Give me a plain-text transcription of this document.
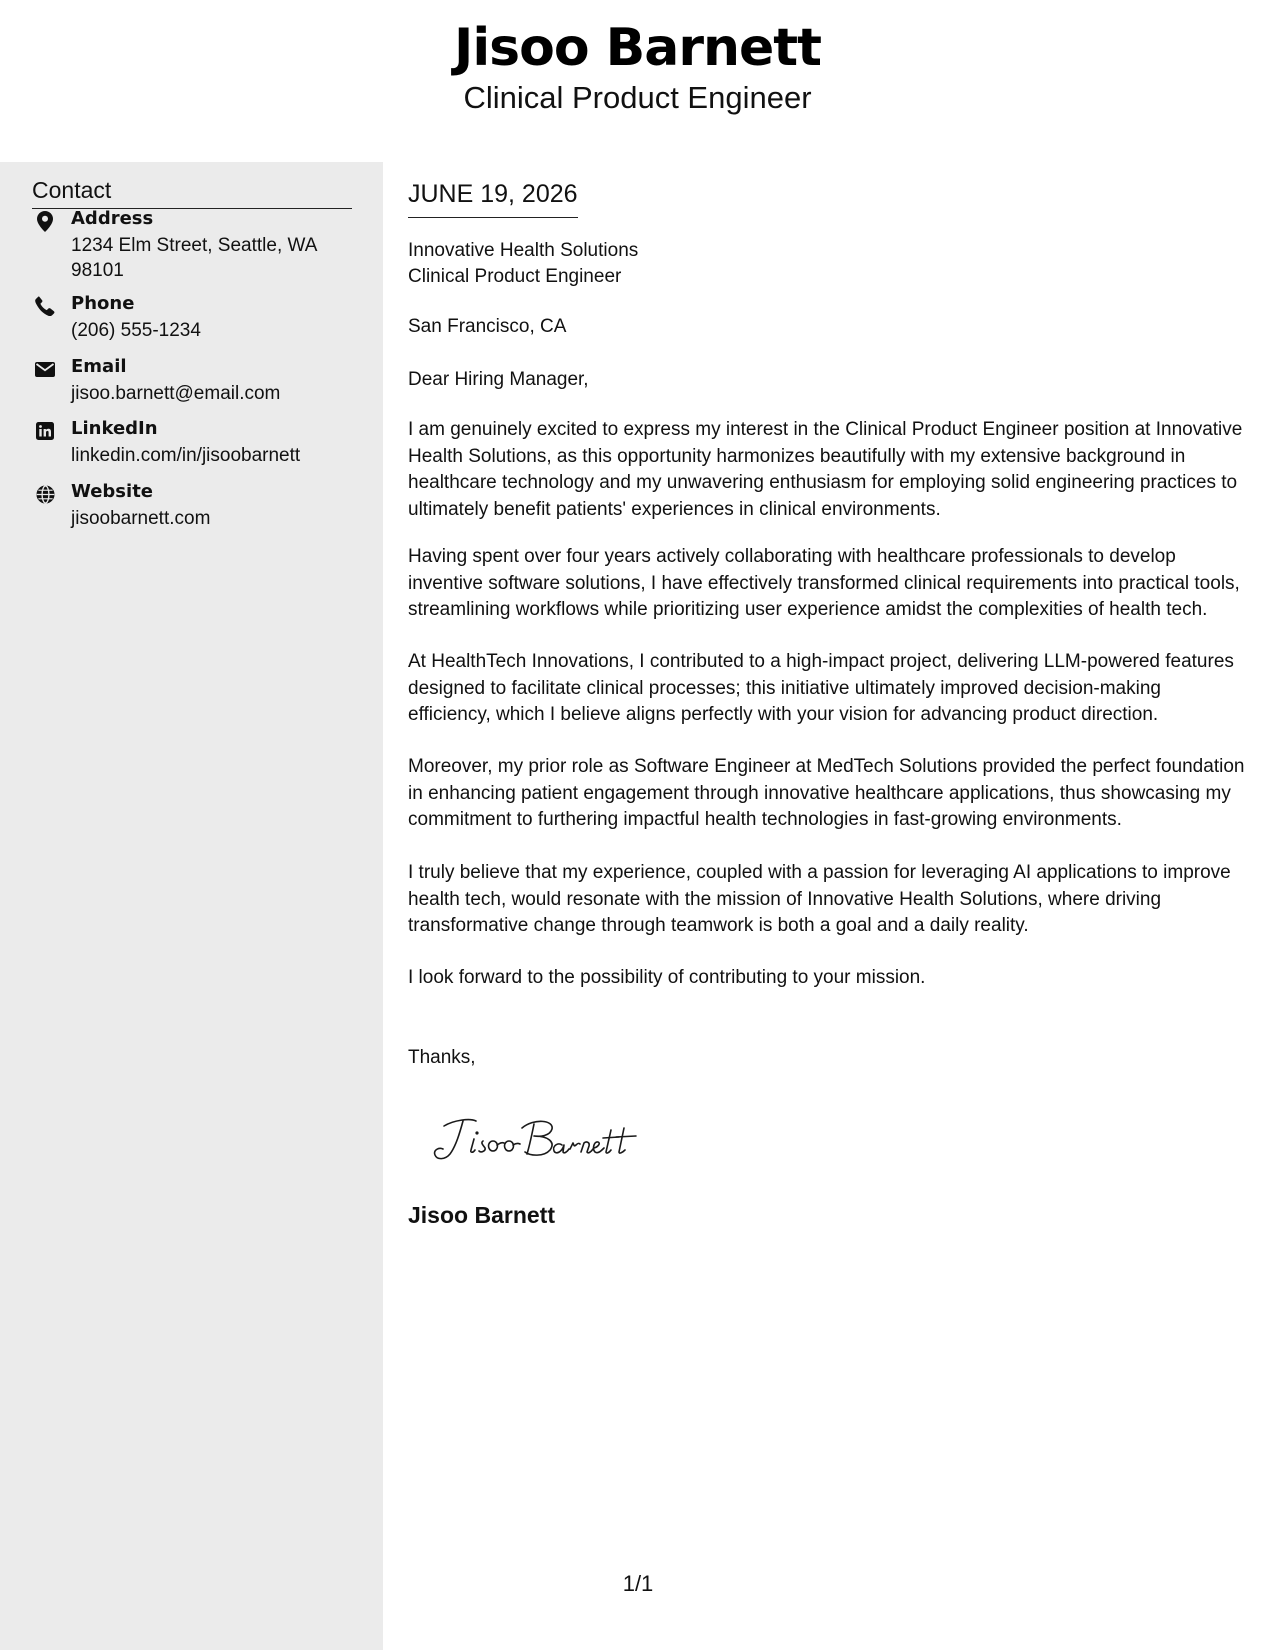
Jisoo Barnett
Clinical Product Engineer
Contact
Address
1234 Elm Street, Seattle, WA 98101
Phone
(206) 555-1234
Email
jisoo.barnett@email.com
LinkedIn
linkedin.com/in/jisoobarnett
Website
jisoobarnett.com
JUNE 19, 2026
Innovative Health Solutions
Clinical Product Engineer
San Francisco, CA
Dear Hiring Manager,
I am genuinely excited to express my interest in the Clinical Product Engineer position at Innovative Health Solutions, as this opportunity harmonizes beautifully with my extensive background in healthcare technology and my unwavering enthusiasm for employing solid engineering practices to ultimately benefit patients' experiences in clinical environments.
Having spent over four years actively collaborating with healthcare professionals to develop inventive software solutions, I have effectively transformed clinical requirements into practical tools, streamlining workflows while prioritizing user experience amidst the complexities of health tech.
At HealthTech Innovations, I contributed to a high-impact project, delivering LLM-powered features designed to facilitate clinical processes; this initiative ultimately improved decision-making efficiency, which I believe aligns perfectly with your vision for advancing product direction.
Moreover, my prior role as Software Engineer at MedTech Solutions provided the perfect foundation in enhancing patient engagement through innovative healthcare applications, thus showcasing my commitment to furthering impactful health technologies in fast-growing environments.
I truly believe that my experience, coupled with a passion for leveraging AI applications to improve health tech, would resonate with the mission of Innovative Health Solutions, where driving transformative change through teamwork is both a goal and a daily reality.
I look forward to the possibility of contributing to your mission.
Thanks,
Jisoo Barnett
1/1
